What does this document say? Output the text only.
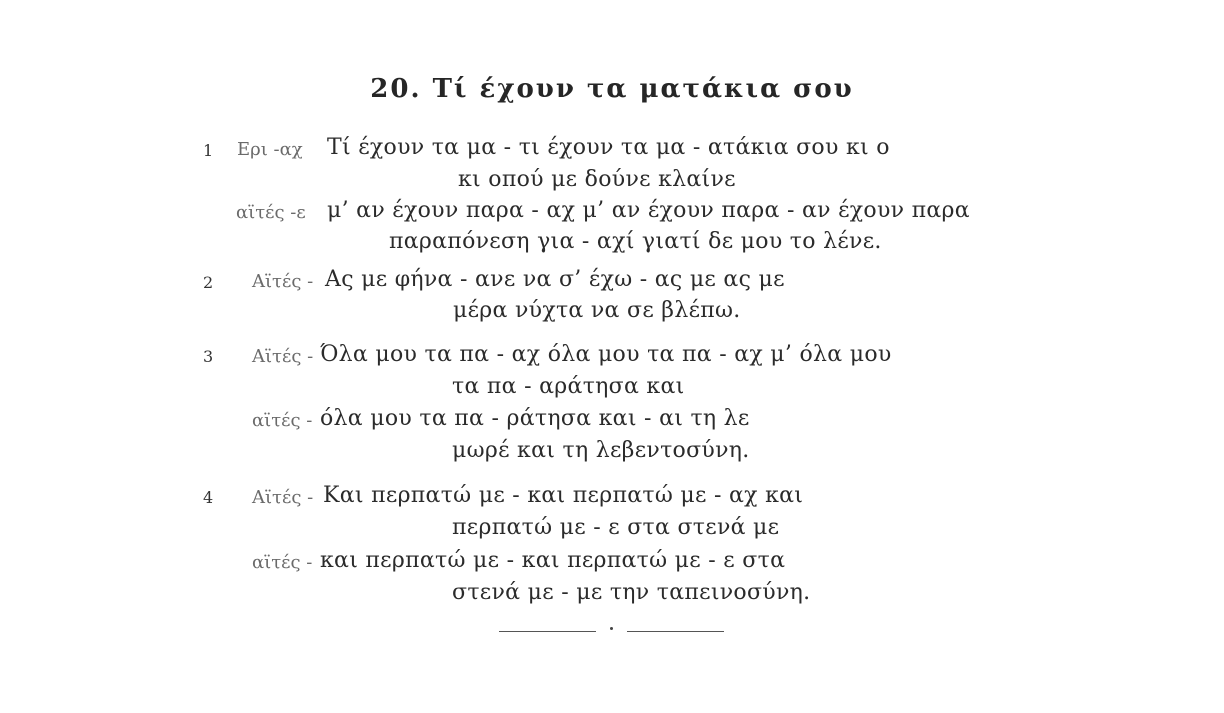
20. Τί έχουν τα ματάκια σου
1 Ερι -αχ Τί έχουν τα μα - τι έχουν τα μα - ατάκια σου κι ο
κι οπού με δούνε κλαίνε
αϊτές -ε μ’ αν έχουν παρα - αχ μ’ αν έχουν παρα - αν έχουν παρα
παραπόνεση για - αχί γιατί δε μου το λένε.
2 Αϊτές - Ας με φήνα - ανε να σ’ έχω - ας με ας με
μέρα νύχτα να σε βλέπω.
3 Αϊτές - Όλα μου τα πα - αχ όλα μου τα πα - αχ μ’ όλα μου
τα πα - αράτησα και
αϊτές - όλα μου τα πα - ράτησα και - αι τη λε
μωρέ και τη λεβεντοσύνη.
4 Αϊτές - Και περπατώ με - και περπατώ με - αχ και
περπατώ με - ε στα στενά με
αϊτές - και περπατώ με - και περπατώ με - ε στα
στενά με - με την ταπεινοσύνη.
